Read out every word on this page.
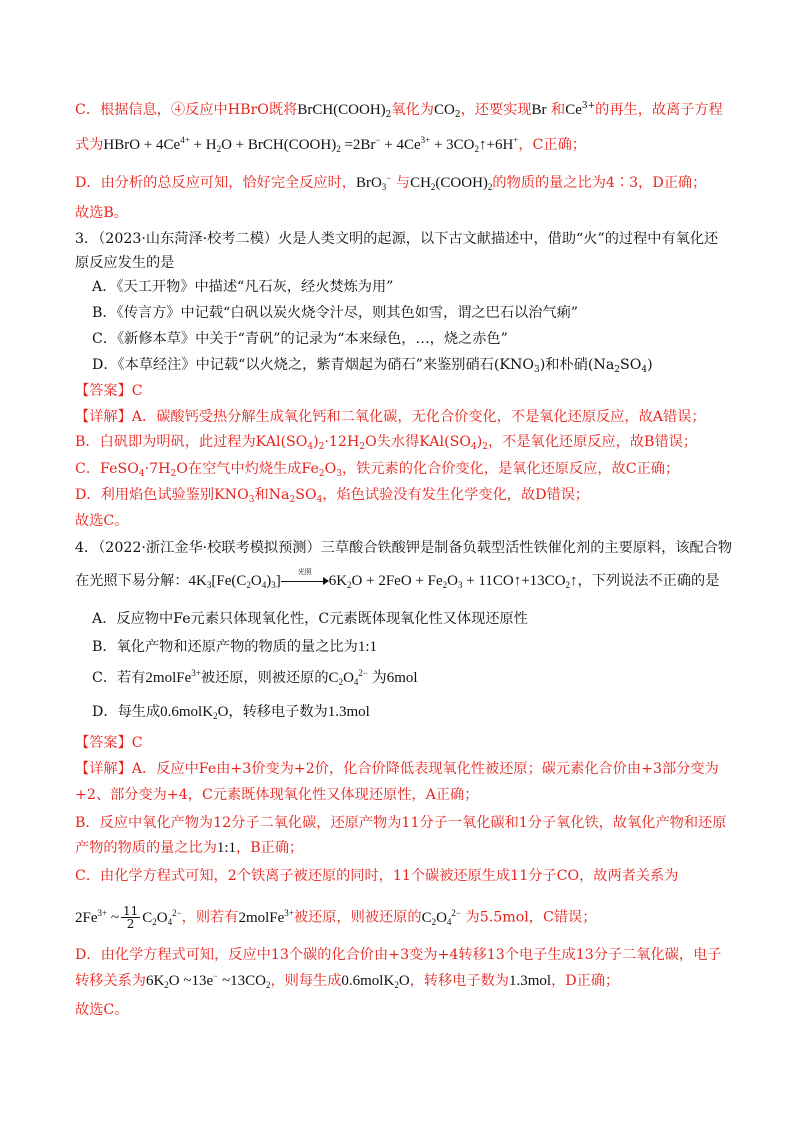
C．根据信息，④反应中HBrO既将$BrCH(COOH)_2$氧化为$CO_2$，还要实现Br 和$Ce^{3+}$的再生，故离子方程
式为HBrO + $4Ce^{4+} + H_2O$ + $BrCH(COOH)_2 =2Br^- + 4Ce^{3+}$ + $3CO_2↑+6H^+$，C正确；
D．由分析的总反应可知，恰好完全反应时，BrO$_3$− 与$CH_2(COOH)_2$的物质的量之比为4∶3，D正确；
故选B。
3．（2023·山东菏泽·校考二模）火是人类文明的起源，以下古文献描述中，借助“火”的过程中有氧化还
原反应发生的是
A．《天工开物》中描述“凡石灰，经火焚炼为用”
B．《传言方》中记载“白矾以炭火烧令汁尽，则其色如雪，谓之巴石以治气痢”
C．《新修本草》中关于“青矾”的记录为“本来绿色，…，烧之赤色”
D．《本草经注》中记载“以火烧之，紫青烟起为硝石”来鉴别硝石$(KNO_3)$和朴硝$(Na_2SO_4)$
【答案】C
【详解】A．碳酸钙受热分解生成氧化钙和二氧化碳，无化合价变化，不是氧化还原反应，故A错误；
B．白矾即为明矾，此过程为$KAl(SO_4)_2\cdot 12H_2O$失水得$KAl(SO_4)_2$，不是氧化还原反应，故B错误；
C．$FeSO_4\cdot 7H_2O$在空气中灼烧生成$Fe_2O_3$，铁元素的化合价变化，是氧化还原反应，故C正确；
D．利用焰色试验鉴别$KNO_3$和$Na_2SO_4$，焰色试验没有发生化学变化，故D错误；
故选C。
4．（2022·浙江金华·校联考模拟预测）三草酸合铁酸钾是制备负载型活性铁催化剂的主要原料，该配合物
在光照下易分解：$4K_3[Fe(C_2O_4)_3]$
光照
$6K_2O + 2FeO + Fe_2O_3$ + $11CO↑+13CO_2↑$，下列说法不正确的是
A．反应物中Fe元素只体现氧化性，C元素既体现氧化性又体现还原性
B．氧化产物和还原产物的物质的量之比为1:1
C．若有2molFe$^{3+}$被还原，则被还原的$C_2O_4^{2-}$ 为6mol
D．每生成0.6molK$_2$O，转移电子数为1.3mol
【答案】C
【详解】A．反应中Fe由+3价变为+2价，化合价降低表现氧化性被还原；碳元素化合价由+3部分变为
+2、部分变为+4，C元素既体现氧化性又体现还原性，A正确；
B．反应中氧化产物为12分子二氧化碳，还原产物为11分子一氧化碳和1分子氧化铁，故氧化产物和还原
产物的物质的量之比为1:1，B正确；
C．由化学方程式可知，2个铁离子被还原的同时，11个碳被还原生成11分子CO，故两者关系为
$2Fe^{3+}$ ~ $\frac{11}{2} C_2O_4^{2-}$，则若有2molFe$^{3+}$被还原，则被还原的$C_2O_4^{2-}$ 为5.5mol，C错误；
D．由化学方程式可知，反应中13个碳的化合价由+3变为+4转移13个电子生成13分子二氧化碳，电子
转移关系为$6K_2O$ ~13e− $\sim 13CO_2$，则每生成0.6molK$_2$O，转移电子数为1.3mol，D正确；
故选C。
